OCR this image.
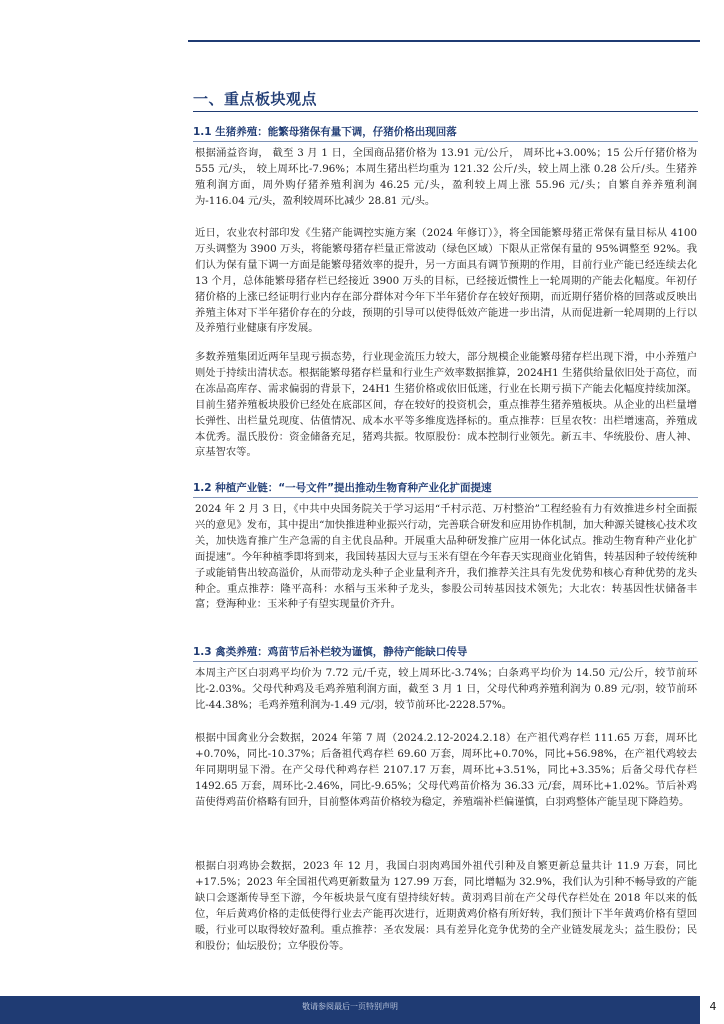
一、重点板块观点
1.1 生猪养殖：能繁母猪保有量下调，仔猪价格出现回落

根据涌益咨询， 截至 3 月 1 日，全国商品猪价格为 13.91 元/公斤， 周环比+3.00%；15 公斤仔猪价格为 555 元/头， 较上周环比-7.96%；本周生猪出栏均重为 121.32 公斤/头，较上周上涨 0.28 公斤/头。生猪养殖利润方面，周外购仔猪养殖利润为 46.25 元/头，盈利较上周上涨 55.96 元/头；自繁自养养殖利润为-116.04 元/头，盈利较周环比减少 28.81 元/头。

近日，农业农村部印发《生猪产能调控实施方案（2024 年修订）》，将全国能繁母猪正常保有量目标从 4100 万头调整为 3900 万头，将能繁母猪存栏量正常波动（绿色区域）下限从正常保有量的 95%调整至 92%。我们认为保有量下调一方面是能繁母猪效率的提升，另一方面具有调节预期的作用，目前行业产能已经连续去化 13 个月，总体能繁母猪存栏已经接近 3900 万头的目标，已经接近惯性上一轮周期的产能去化幅度。年初仔猪价格的上涨已经证明行业内存在部分群体对今年下半年猪价存在较好预期，而近期仔猪价格的回落或反映出养殖主体对下半年猪价存在的分歧，预期的引导可以使得低效产能进一步出清，从而促进新一轮周期的上行以及养殖行业健康有序发展。

多数养殖集团近两年呈现亏损态势，行业现金流压力较大，部分规模企业能繁母猪存栏出现下滑，中小养殖户则处于持续出清状态。根据能繁母猪存栏量和行业生产效率数据推算，2024H1 生猪供给量依旧处于高位，而在冻品高库存、需求偏弱的背景下，24H1 生猪价格或依旧低迷，行业在长期亏损下产能去化幅度持续加深。目前生猪养殖板块股价已经处在底部区间，存在较好的投资机会，重点推荐生猪养殖板块。从企业的出栏量增长弹性、出栏量兑现度、估值情况、成本水平等多维度选择标的。重点推荐：巨星农牧：出栏增速高，养殖成本优秀。温氏股份：资金储备充足，猪鸡共振。牧原股份：成本控制行业领先。新五丰、华统股份、唐人神、京基智农等。

1.2 种植产业链：“一号文件”提出推动生物育种产业化扩面提速

2024 年 2 月 3 日，《中共中央国务院关于学习运用“千村示范、万村整治”工程经验有力有效推进乡村全面振兴的意见》发布，其中提出“加快推进种业振兴行动，完善联合研发和应用协作机制，加大种源关键核心技术攻关，加快选育推广生产急需的自主优良品种。开展重大品种研发推广应用一体化试点。推动生物育种产业化扩面提速”。今年种植季即将到来，我国转基因大豆与玉米有望在今年春天实现商业化销售，转基因种子较传统种子或能销售出较高溢价，从而带动龙头种子企业量利齐升，我们推荐关注具有先发优势和核心育种优势的龙头种企。重点推荐：隆平高科：水稻与玉米种子龙头，参股公司转基因技术领先；大北农：转基因性状储备丰富；登海种业：玉米种子有望实现量价齐升。

1.3 禽类养殖：鸡苗节后补栏较为谨慎，静待产能缺口传导

本周主产区白羽鸡平均价为 7.72 元/千克，较上周环比-3.74%；白条鸡平均价为 14.50 元/公斤，较节前环比-2.03%。父母代种鸡及毛鸡养殖利润方面，截至 3 月 1 日，父母代种鸡养殖利润为 0.89 元/羽，较节前环比-44.38%；毛鸡养殖利润为-1.49 元/羽，较节前环比-2228.57%。

根据中国禽业分会数据，2024 年第 7 周（2024.2.12-2024.2.18）在产祖代鸡存栏 111.65 万套，周环比+0.70%，同比-10.37%；后备祖代鸡存栏 69.60 万套，周环比+0.70%，同比+56.98%，在产祖代鸡较去年同期明显下滑。在产父母代种鸡存栏 2107.17 万套，周环比+3.51%，同比+3.35%；后备父母代存栏 1492.65 万套，周环比-2.46%，同比-9.65%；父母代鸡苗价格为 36.33 元/套，周环比+1.02%。节后补鸡苗使得鸡苗价格略有回升，目前整体鸡苗价格较为稳定，养殖端补栏偏谨慎，白羽鸡整体产能呈现下降趋势。

根据白羽鸡协会数据，2023 年 12 月，我国白羽肉鸡国外祖代引种及自繁更新总量共计 11.9 万套，同比+17.5%；2023 年全国祖代鸡更新数量为 127.99 万套，同比增幅为 32.9%，我们认为引种不畅导致的产能缺口会逐渐传导至下游，今年板块景气度有望持续好转。黄羽鸡目前在产父母代存栏处在 2018 年以来的低位，年后黄鸡价格的走低使得行业去产能再次进行，近期黄鸡价格有所好转，我们预计下半年黄鸡价格有望回暖，行业可以取得较好盈利。重点推荐：圣农发展：具有差异化竞争优势的全产业链发展龙头；益生股份；民和股份；仙坛股份；立华股份等。

敬请参阅最后一页特别声明	4
